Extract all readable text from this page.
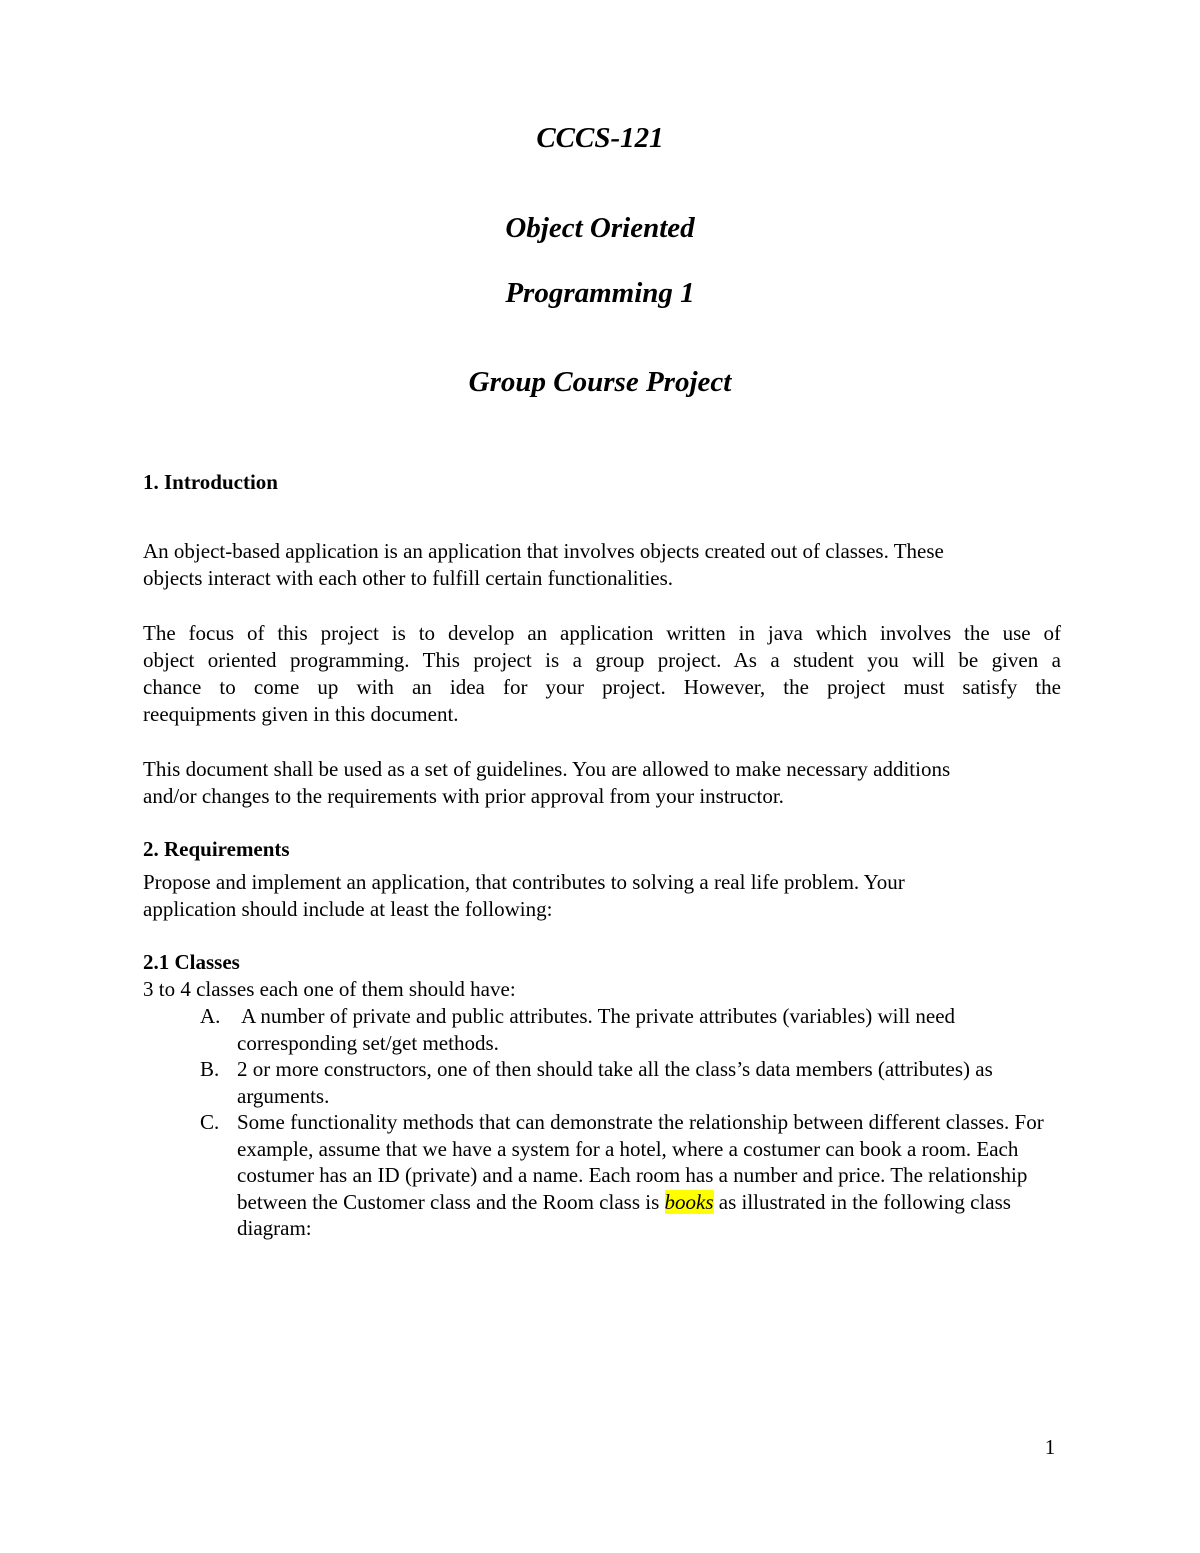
CCCS-121
Object Oriented
Programming 1
Group Course Project
1. Introduction
An object-based application is an application that involves objects created out of classes. These
objects interact with each other to fulfill certain functionalities.
The focus of this project is to develop an application written in java which involves the use of
object oriented programming. This project is a group project. As a student you will be given a
chance to come up with an idea for your project. However, the project must satisfy the
reequipments given in this document.
This document shall be used as a set of guidelines. You are allowed to make necessary additions
and/or changes to the requirements with prior approval from your instructor.
2. Requirements
Propose and implement an application, that contributes to solving a real life problem. Your
application should include at least the following:
2.1 Classes
3 to 4 classes each one of them should have:
A. A number of private and public attributes. The private attributes (variables) will need
corresponding set/get methods.
B. 2 or more constructors, one of then should take all the class’s data members (attributes) as
arguments.
C. Some functionality methods that can demonstrate the relationship between different classes. For
example, assume that we have a system for a hotel, where a costumer can book a room. Each
costumer has an ID (private) and a name. Each room has a number and price. The relationship
between the Customer class and the Room class is books as illustrated in the following class
diagram:
1
